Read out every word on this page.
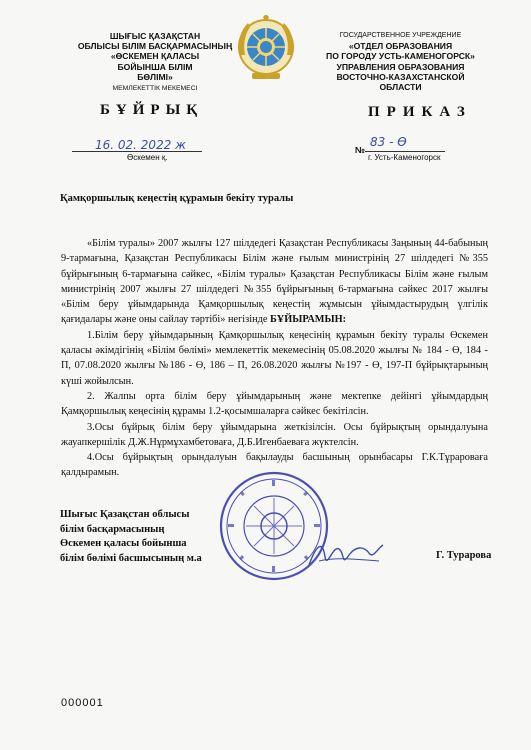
ШЫҒЫС ҚАЗАҚСТАН
ОБЛЫСЫ БІЛІМ БАСҚАРМАСЫНЫҢ
«ӨСКЕМЕН ҚАЛАСЫ
БОЙЫНША БІЛІМ
БӨЛІМІ»
МЕМЛЕКЕТТІК МЕКЕМЕСІ
ГОСУДАРСТВЕННОЕ УЧРЕЖДЕНИЕ
«ОТДЕЛ ОБРАЗОВАНИЯ
ПО ГОРОДУ УСТЬ-КАМЕНОГОРСК»
УПРАВЛЕНИЯ ОБРАЗОВАНИЯ
ВОСТОЧНО-КАЗАХСТАНСКОЙ
ОБЛАСТИ
БҰЙРЫҚ	ПРИКАЗ
16. 02. 2022 ж
Өскемен қ.
№
83 - Ө
г. Усть-Каменогорск
Қамқоршылық кеңестің құрамын бекіту туралы

«Білім туралы» 2007 жылғы 127 шілдедегі Қазақстан Республикасы Заңының 44-бабының 9-тармағына, Қазақстан Республикасы Білім және ғылым министрінің 27 шілдедегі №355 бұйрығының 6-тармағына сәйкес, «Білім туралы» Қазақстан Республикасы Білім және ғылым министрінің 2007 жылғы 27 шілдедегі №355 бұйрығының 6-тармағына сәйкес 2017 жылғы «Білім беру ұйымдарында Қамқоршылық кеңестің жұмысын ұйымдастырудың үлгілік қағидалары және оны сайлау тәртібі» негізінде БҰЙЫРАМЫН:

1.Білім беру ұйымдарының Қамқоршылық кеңесінің құрамын бекіту туралы Өскемен қаласы әкімдігінің «Білім бөлімі» мемлекеттік мекемесінің 05.08.2020 жылғы № 184 - Ө, 184 - П, 07.08.2020 жылғы №186 - Ө, 186 – П, 26.08.2020 жылғы №197 - Ө, 197-П бұйрықтарының күші жойылсын.

2. Жалпы орта білім беру ұйымдарының және мектепке дейінгі ұйымдардың Қамқоршылық кеңесінің құрамы 1.2-қосымшаларға сәйкес бекітілсін.

3.Осы бұйрық білім беру ұйымдарына жеткізілсін. Осы бұйрықтың орындалуына жауапкершілік Д.Ж.Нұрмұхамбетоваға, Д.Б.Игенбаеваға жүктелсін.

4.Осы бұйрықтың орындалуын бақылауды басшының орынбасары Г.К.Тұрароваға қалдырамын.

Шығыс Қазақстан облысы
білім басқармасының
Өскемен қаласы бойынша
білім бөлімі басшысының м.а	Г. Турарова
000001
